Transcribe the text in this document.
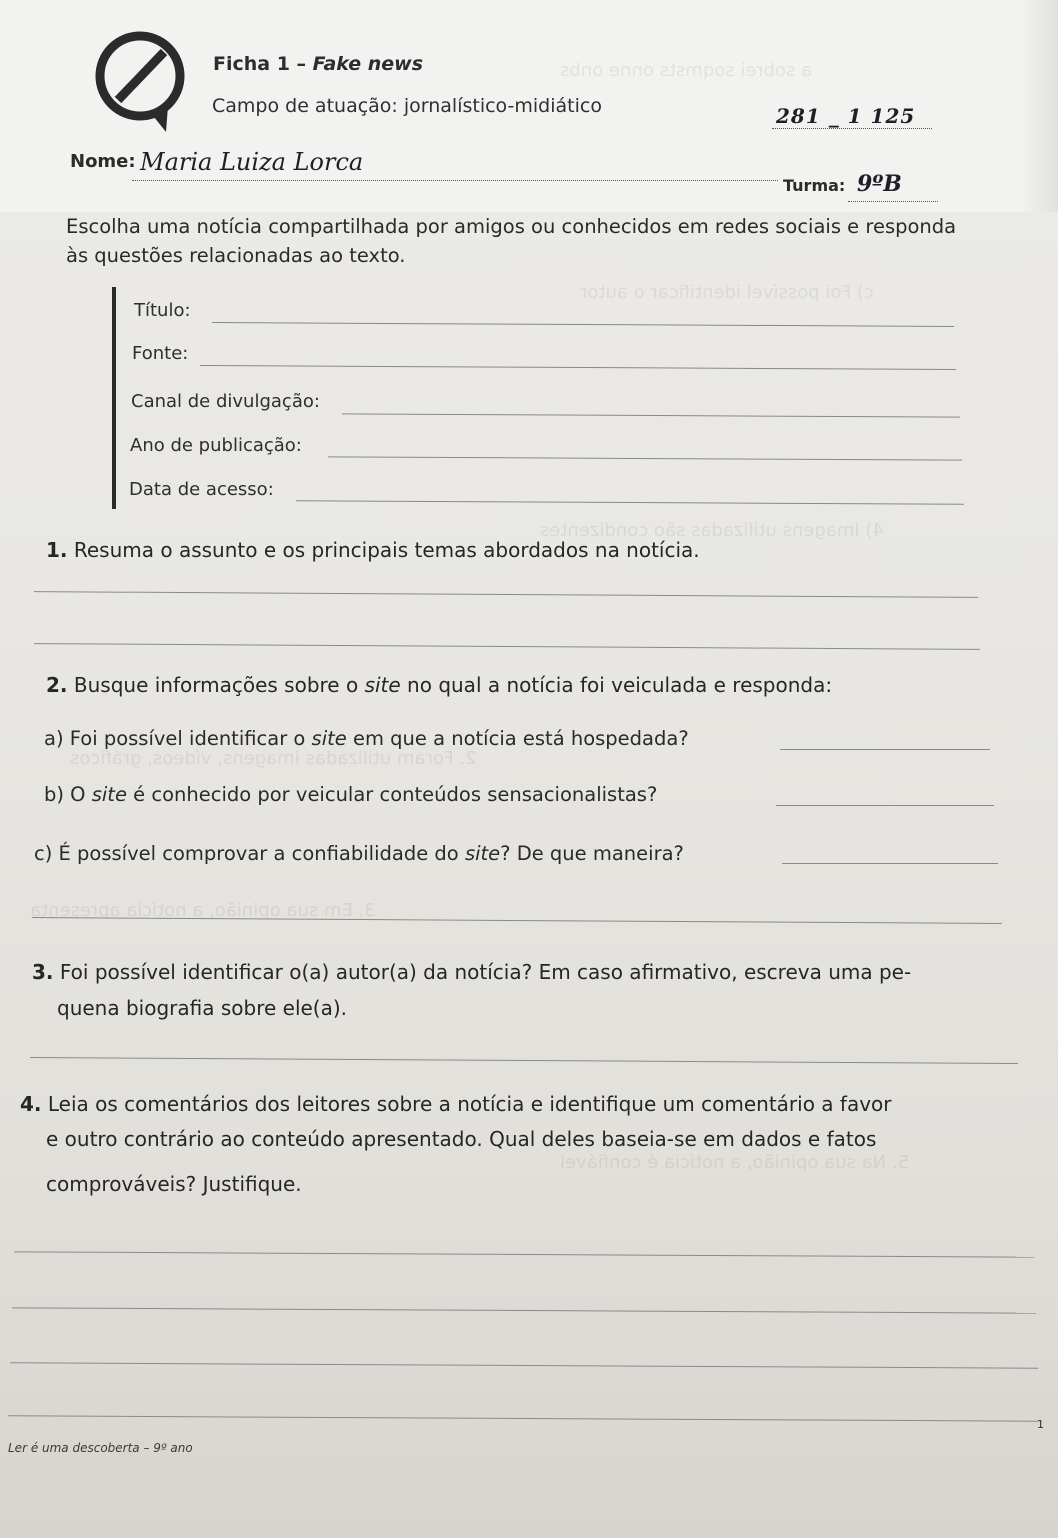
a sobrei soqmsts onne onbs
c) Foi possível identificar o autor
4) Imagens utilizadas são condizentes
2. Foram utilizadas imagens, vídeos, gráficos
3. Em sua opinião, a notícia apresenta
5. Na sua opinião, a notícia é confiável
Ficha 1 – Fake news
Campo de atuação: jornalístico-midiático	281 _ 1 125
Nome: Maria Luiza Lorca
Turma: 9ºB
Escolha uma notícia compartilhada por amigos ou conhecidos em redes sociais e responda às questões relacionadas ao texto.
Título:
Fonte:
Canal de divulgação:
Ano de publicação:
Data de acesso:
1. Resuma o assunto e os principais temas abordados na notícia.
2. Busque informações sobre o site no qual a notícia foi veiculada e responda:
a) Foi possível identificar o site em que a notícia está hospedada?
b) O site é conhecido por veicular conteúdos sensacionalistas?
c) É possível comprovar a confiabilidade do site? De que maneira?
3. Foi possível identificar o(a) autor(a) da notícia? Em caso afirmativo, escreva uma pe-
quena biografia sobre ele(a).
4. Leia os comentários dos leitores sobre a notícia e identifique um comentário a favor
e outro contrário ao conteúdo apresentado. Qual deles baseia-se em dados e fatos
comprováveis? Justifique.
Ler é uma descoberta – 9º ano
1
